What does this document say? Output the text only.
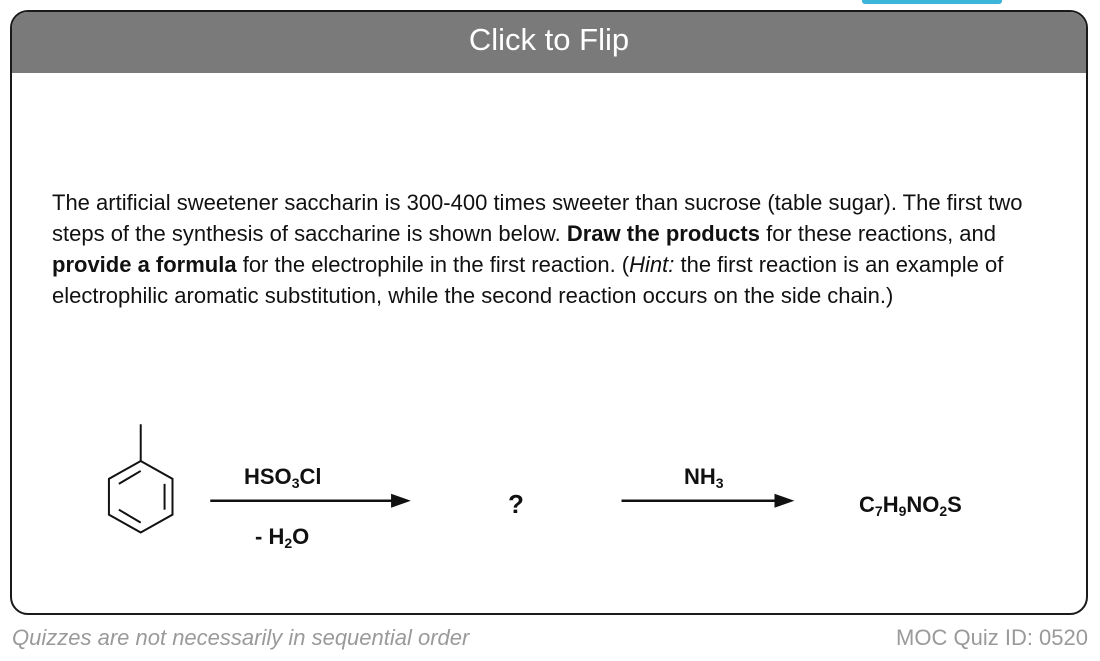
Click to Flip
The artificial sweetener saccharin is 300-400 times sweeter than sucrose (table sugar). The first two steps of the synthesis of saccharine is shown below. Draw the products for these reactions, and provide a formula for the electrophile in the first reaction. (Hint: the first reaction is an example of electrophilic aromatic substitution, while the second reaction occurs on the side chain.)
$HSO_3Cl$
- $H_2O$
?
$NH_3$
$C_7H_9NO_2S$
Quizzes are not necessarily in sequential order	MOC Quiz ID: 0520
